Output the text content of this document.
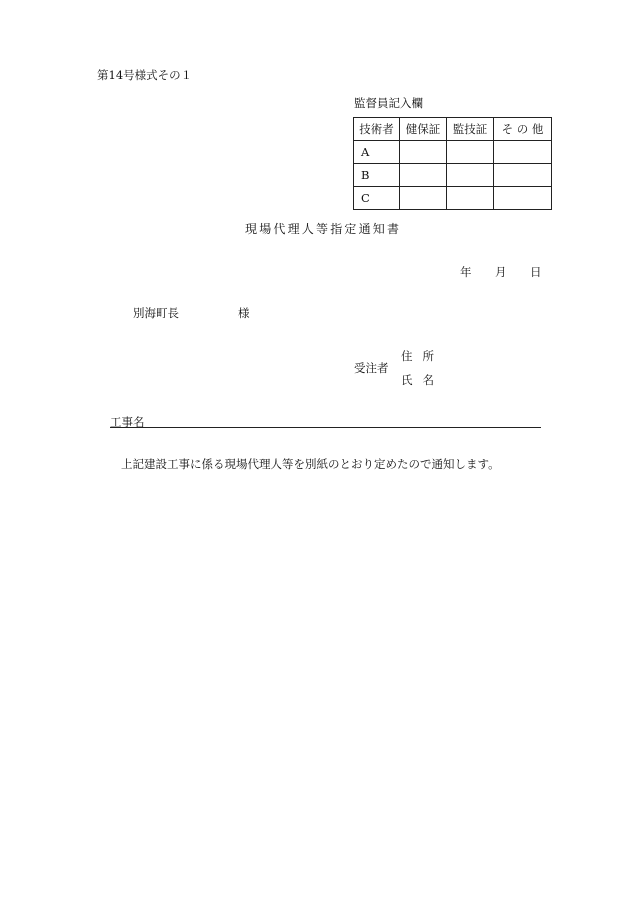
第14号様式その１
監督員記入欄
技術者	健保証	監技証	そ の 他
A			
B			
C			
現場代理人等指定通知書
年 月 日
別海町長	様
受注者
住所
氏名
工事名
上記建設工事に係る現場代理人等を別紙のとおり定めたので通知します。
